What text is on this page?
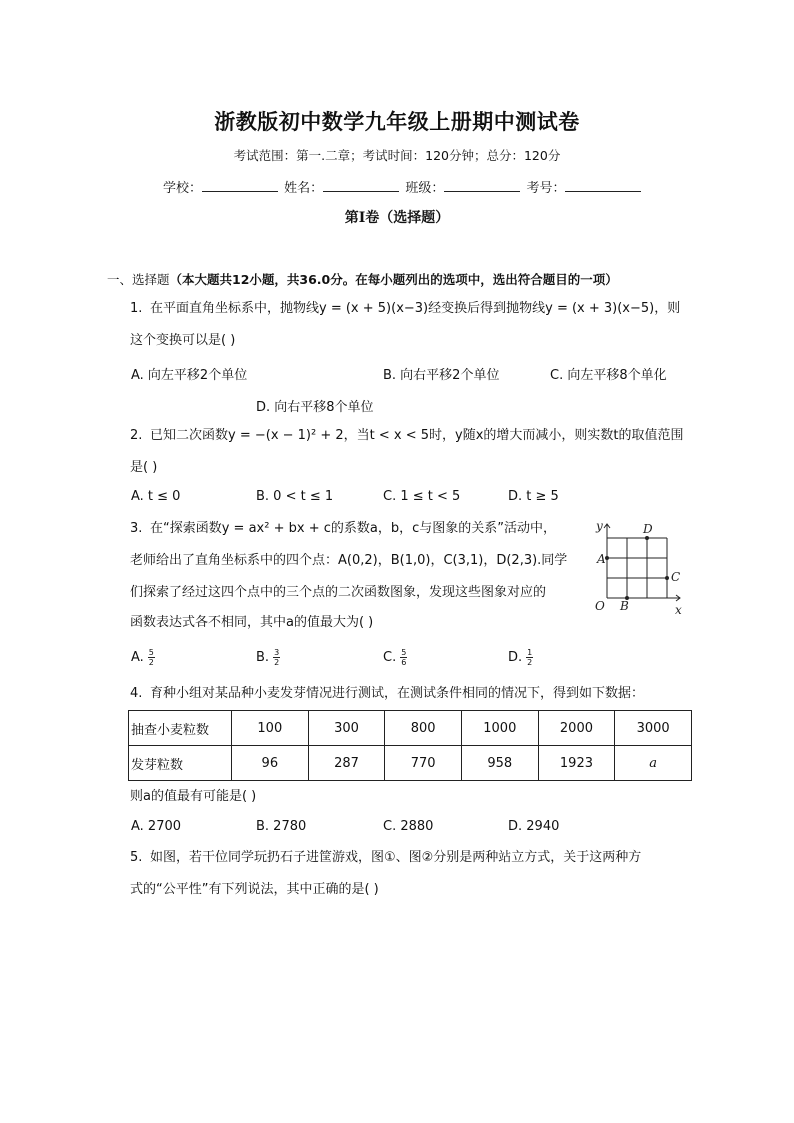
浙教版初中数学九年级上册期中测试卷
考试范围：第一.二章；考试时间：120分钟；总分：120分
学校：	姓名：	班级：	考号：
第I卷（选择题）
一、选择题（本大题共12小题，共36.0分。在每小题列出的选项中，选出符合题目的一项）
1. 在平面直角坐标系中，抛物线y = (x + 5)(x−3)经变换后得到抛物线y = (x + 3)(x−5)，则
这个变换可以是( )
A. 向左平移2个单位	B. 向右平移2个单位	C. 向左平移8个单化
D. 向右平移8个单位
2. 已知二次函数y = −(x − 1)² + 2，当t < x < 5时，y随x的增大而减小，则实数t的取值范围
是( )
A. t ≤ 0	B. 0 < t ≤ 1	C. 1 ≤ t < 5	D. t ≥ 5
3. 在“探索函数y = ax² + bx + c的系数a，b，c与图象的关系”活动中，
老师给出了直角坐标系中的四个点：A(0,2)，B(1,0)，C(3,1)，D(2,3).同学
们探索了经过这四个点中的三个点的二次函数图象，发现这些图象对应的
函数表达式各不相同，其中a的值最大为( )
y
x
O
A
B
C
D
A. $\frac{5}{2}$	B. $\frac{3}{2}$	C. $\frac{5}{6}$	D. $\frac{1}{2}$
4. 育种小组对某品种小麦发芽情况进行测试，在测试条件相同的情况下，得到如下数据：
抽查小麦粒数	100	300	800	1000	2000	3000
发芽粒数	96	287	770	958	1923	a
则a的值最有可能是( )
A. 2700	B. 2780	C. 2880	D. 2940
5. 如图，若干位同学玩扔石子进筐游戏，图①、图②分别是两种站立方式，关于这两种方
式的“公平性”有下列说法，其中正确的是( )
